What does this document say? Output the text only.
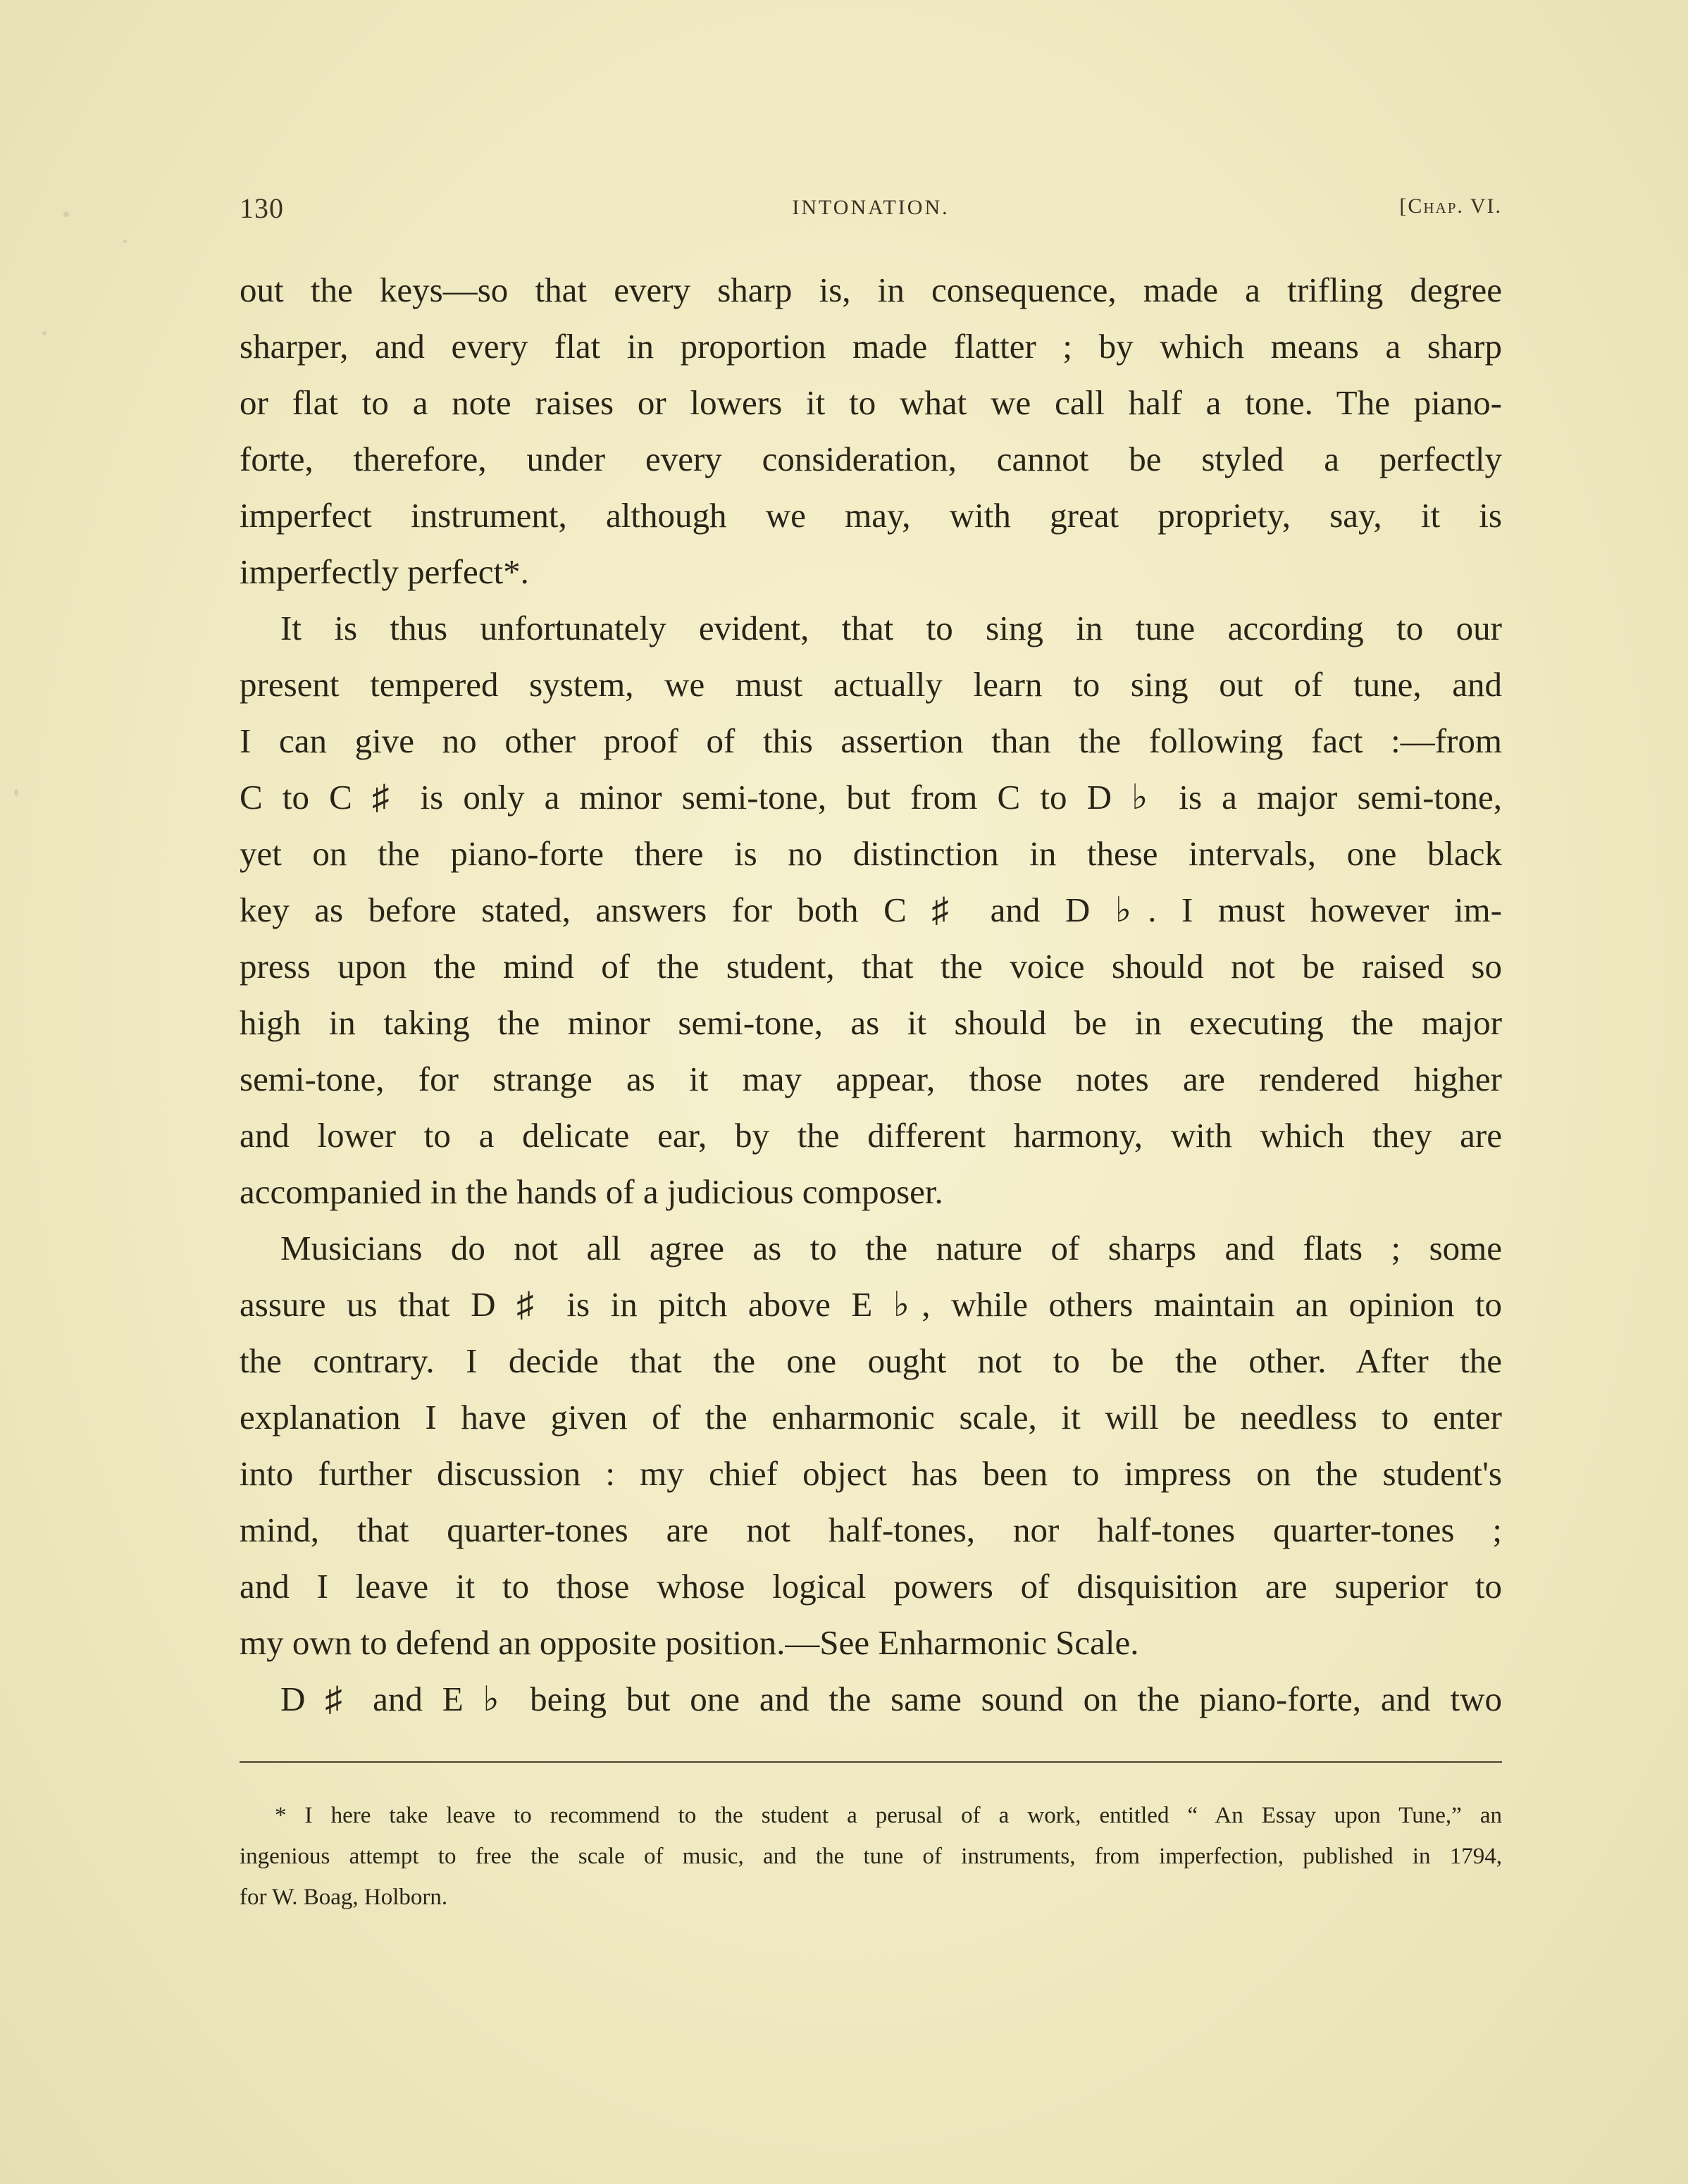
130	INTONATION.	[Chap. VI.
out the keys—so that every sharp is, in consequence, made a trifling degree
sharper, and every flat in proportion made flatter ; by which means a sharp
or flat to a note raises or lowers it to what we call half a tone. The piano-
forte, therefore, under every consideration, cannot be styled a perfectly
imperfect instrument, although we may, with great propriety, say, it is
imperfectly perfect*.
It is thus unfortunately evident, that to sing in tune according to our
present tempered system, we must actually learn to sing out of tune, and
I can give no other proof of this assertion than the following fact :—from
C to C ♯ is only a minor semi-tone, but from C to D ♭ is a major semi-tone,
yet on the piano-forte there is no distinction in these intervals, one black
key as before stated, answers for both C ♯ and D ♭. I must however im-
press upon the mind of the student, that the voice should not be raised so
high in taking the minor semi-tone, as it should be in executing the major
semi-tone, for strange as it may appear, those notes are rendered higher
and lower to a delicate ear, by the different harmony, with which they are
accompanied in the hands of a judicious composer.
Musicians do not all agree as to the nature of sharps and flats ; some
assure us that D ♯ is in pitch above E ♭, while others maintain an opinion to
the contrary. I decide that the one ought not to be the other. After the
explanation I have given of the enharmonic scale, it will be needless to enter
into further discussion : my chief object has been to impress on the student's
mind, that quarter-tones are not half-tones, nor half-tones quarter-tones ;
and I leave it to those whose logical powers of disquisition are superior to
my own to defend an opposite position.—See Enharmonic Scale.
D ♯ and E ♭ being but one and the same sound on the piano-forte, and two
* I here take leave to recommend to the student a perusal of a work, entitled “ An Essay upon Tune,” an
ingenious attempt to free the scale of music, and the tune of instruments, from imperfection, published in 1794,
for W. Boag, Holborn.
